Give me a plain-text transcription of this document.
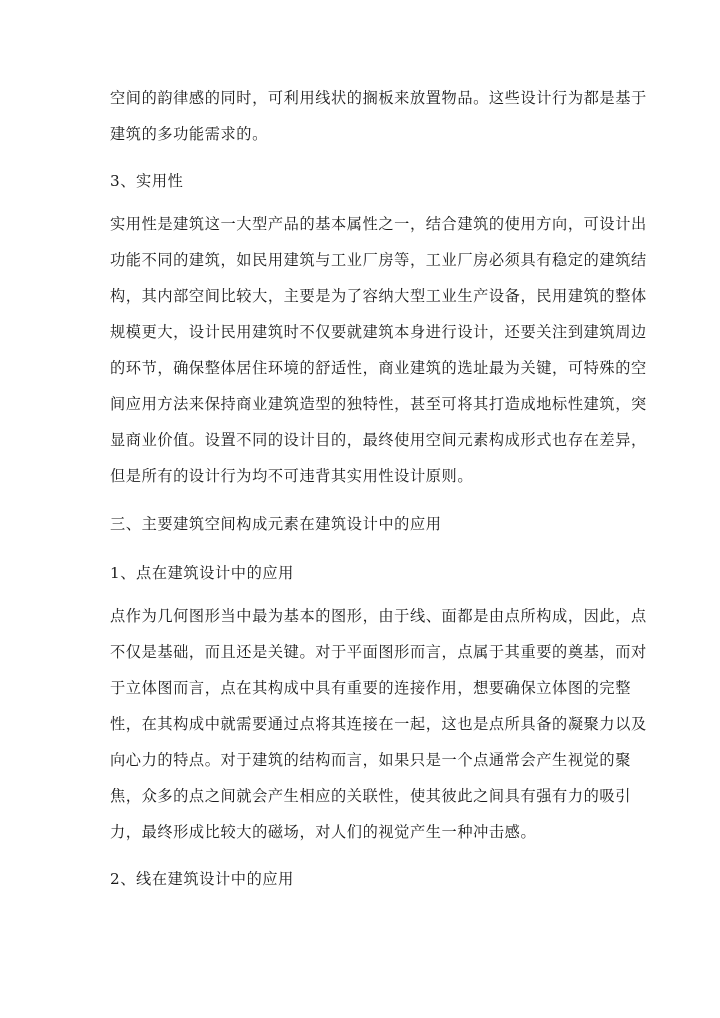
空间的韵律感的同时，可利用线状的搁板来放置物品。这些设计行为都是基于
建筑的多功能需求的。
3、实用性
实用性是建筑这一大型产品的基本属性之一，结合建筑的使用方向，可设计出
功能不同的建筑，如民用建筑与工业厂房等，工业厂房必须具有稳定的建筑结
构，其内部空间比较大，主要是为了容纳大型工业生产设备，民用建筑的整体
规模更大，设计民用建筑时不仅要就建筑本身进行设计，还要关注到建筑周边
的环节，确保整体居住环境的舒适性，商业建筑的选址最为关键，可特殊的空
间应用方法来保持商业建筑造型的独特性，甚至可将其打造成地标性建筑，突
显商业价值。设置不同的设计目的，最终使用空间元素构成形式也存在差异，
但是所有的设计行为均不可违背其实用性设计原则。
三、主要建筑空间构成元素在建筑设计中的应用
1、点在建筑设计中的应用
点作为几何图形当中最为基本的图形，由于线、面都是由点所构成，因此，点
不仅是基础，而且还是关键。对于平面图形而言，点属于其重要的奠基，而对
于立体图而言，点在其构成中具有重要的连接作用，想要确保立体图的完整
性，在其构成中就需要通过点将其连接在一起，这也是点所具备的凝聚力以及
向心力的特点。对于建筑的结构而言，如果只是一个点通常会产生视觉的聚
焦，众多的点之间就会产生相应的关联性，使其彼此之间具有强有力的吸引
力，最终形成比较大的磁场，对人们的视觉产生一种冲击感。
2、线在建筑设计中的应用
